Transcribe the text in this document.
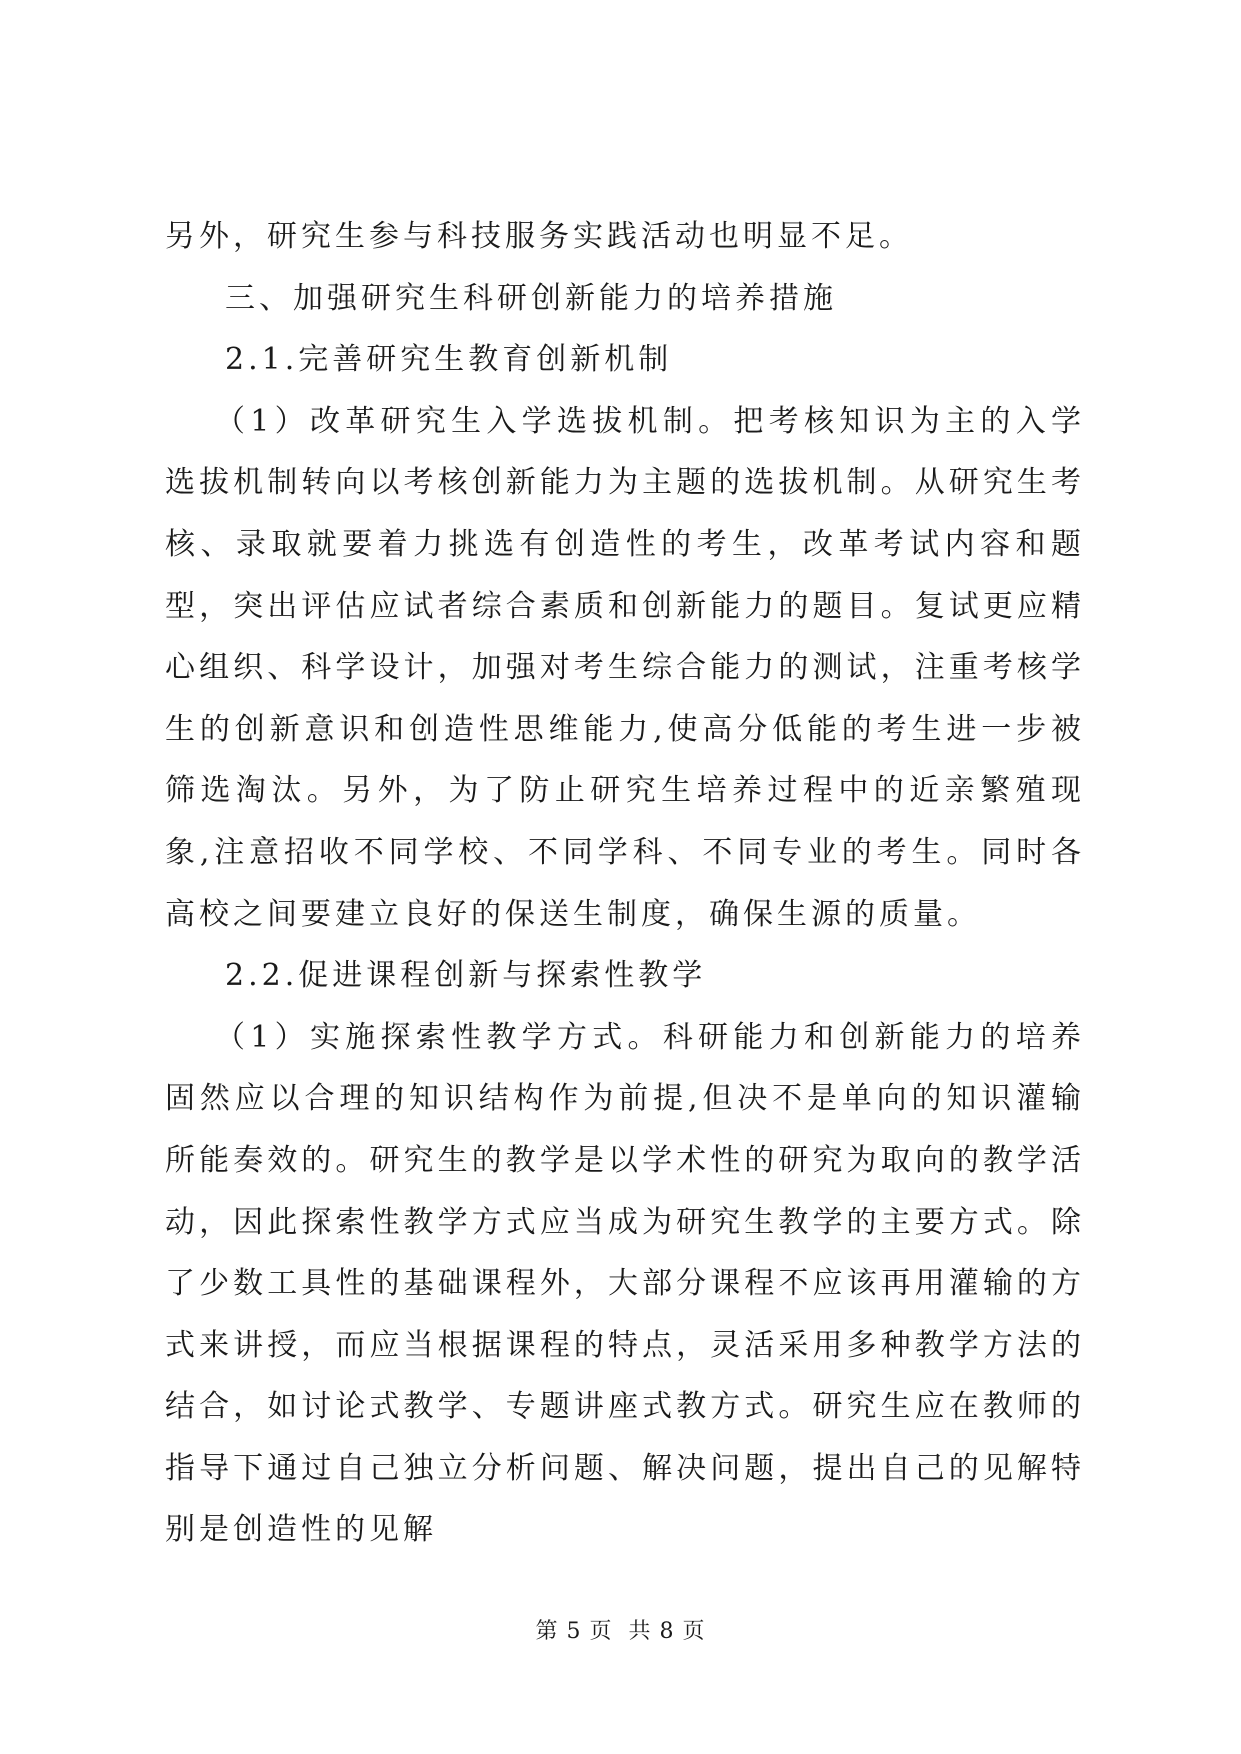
另外，研究生参与科技服务实践活动也明显不足。

三、加强研究生科研创新能力的培养措施

2.1.完善研究生教育创新机制

（1）改革研究生入学选拔机制。把考核知识为主的入学选拔机制转向以考核创新能力为主题的选拔机制。从研究生考核、录取就要着力挑选有创造性的考生，改革考试内容和题型，突出评估应试者综合素质和创新能力的题目。复试更应精心组织、科学设计，加强对考生综合能力的测试，注重考核学生的创新意识和创造性思维能力,使高分低能的考生进一步被筛选淘汰。另外，为了防止研究生培养过程中的近亲繁殖现象,注意招收不同学校、不同学科、不同专业的考生。同时各高校之间要建立良好的保送生制度，确保生源的质量。

2.2.促进课程创新与探索性教学

（1）实施探索性教学方式。科研能力和创新能力的培养固然应以合理的知识结构作为前提,但决不是单向的知识灌输所能奏效的。研究生的教学是以学术性的研究为取向的教学活动，因此探索性教学方式应当成为研究生教学的主要方式。除了少数工具性的基础课程外，大部分课程不应该再用灌输的方式来讲授，而应当根据课程的特点，灵活采用多种教学方法的结合，如讨论式教学、专题讲座式教方式。研究生应在教师的指导下通过自己独立分析问题、解决问题，提出自己的见解特别是创造性的见解

第 5 页  共 8 页
